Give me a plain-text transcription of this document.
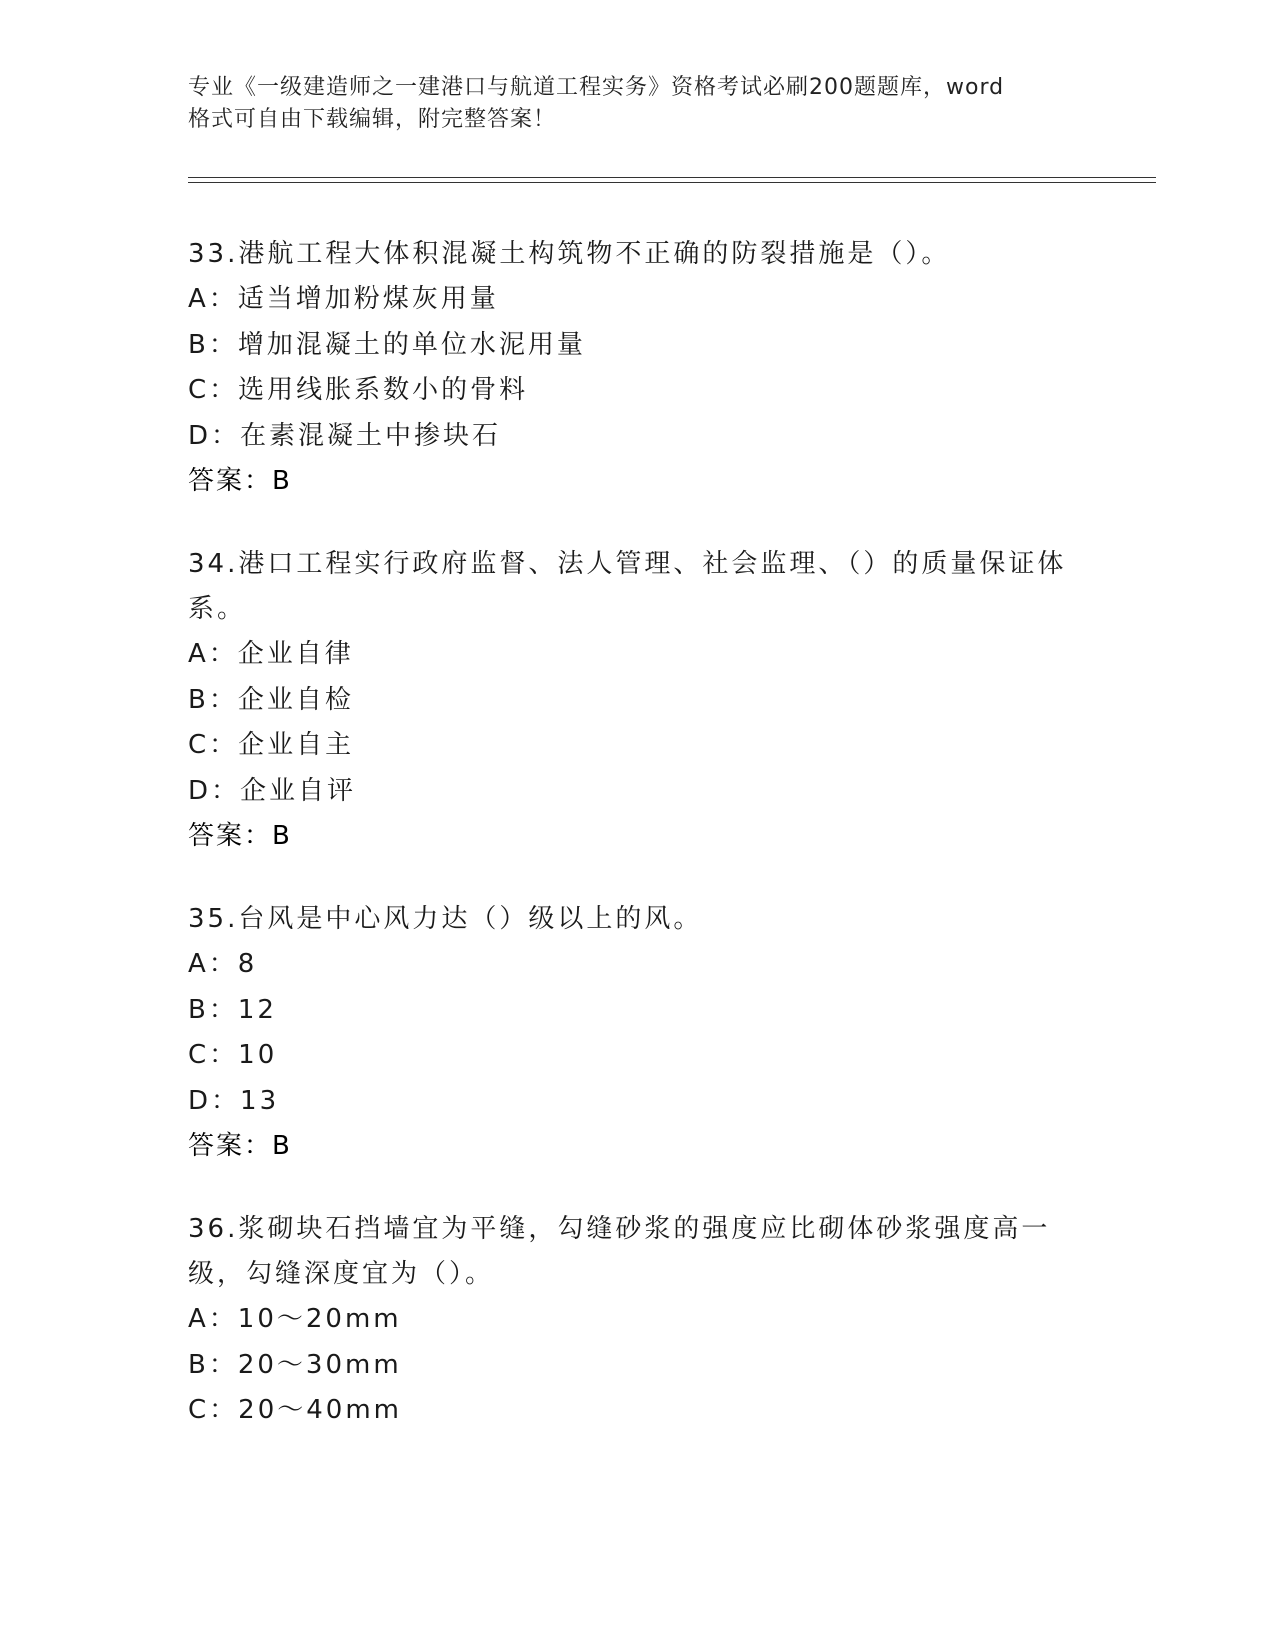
专业《一级建造师之一建港口与航道工程实务》资格考试必刷200题题库，word
格式可自由下载编辑，附完整答案！
33.港航工程大体积混凝土构筑物不正确的防裂措施是（）。
A：适当增加粉煤灰用量
B：增加混凝土的单位水泥用量
C：选用线胀系数小的骨料
D：在素混凝土中掺块石
答案：B
34.港口工程实行政府监督、法人管理、社会监理、（）的质量保证体系。
A：企业自律
B：企业自检
C：企业自主
D：企业自评
答案：B
35.台风是中心风力达（）级以上的风。
A：8
B：12
C：10
D：13
答案：B
36.浆砌块石挡墙宜为平缝，勾缝砂浆的强度应比砌体砂浆强度高一级，勾缝深度宜为（）。
A：10～20mm
B：20～30mm
C：20～40mm
